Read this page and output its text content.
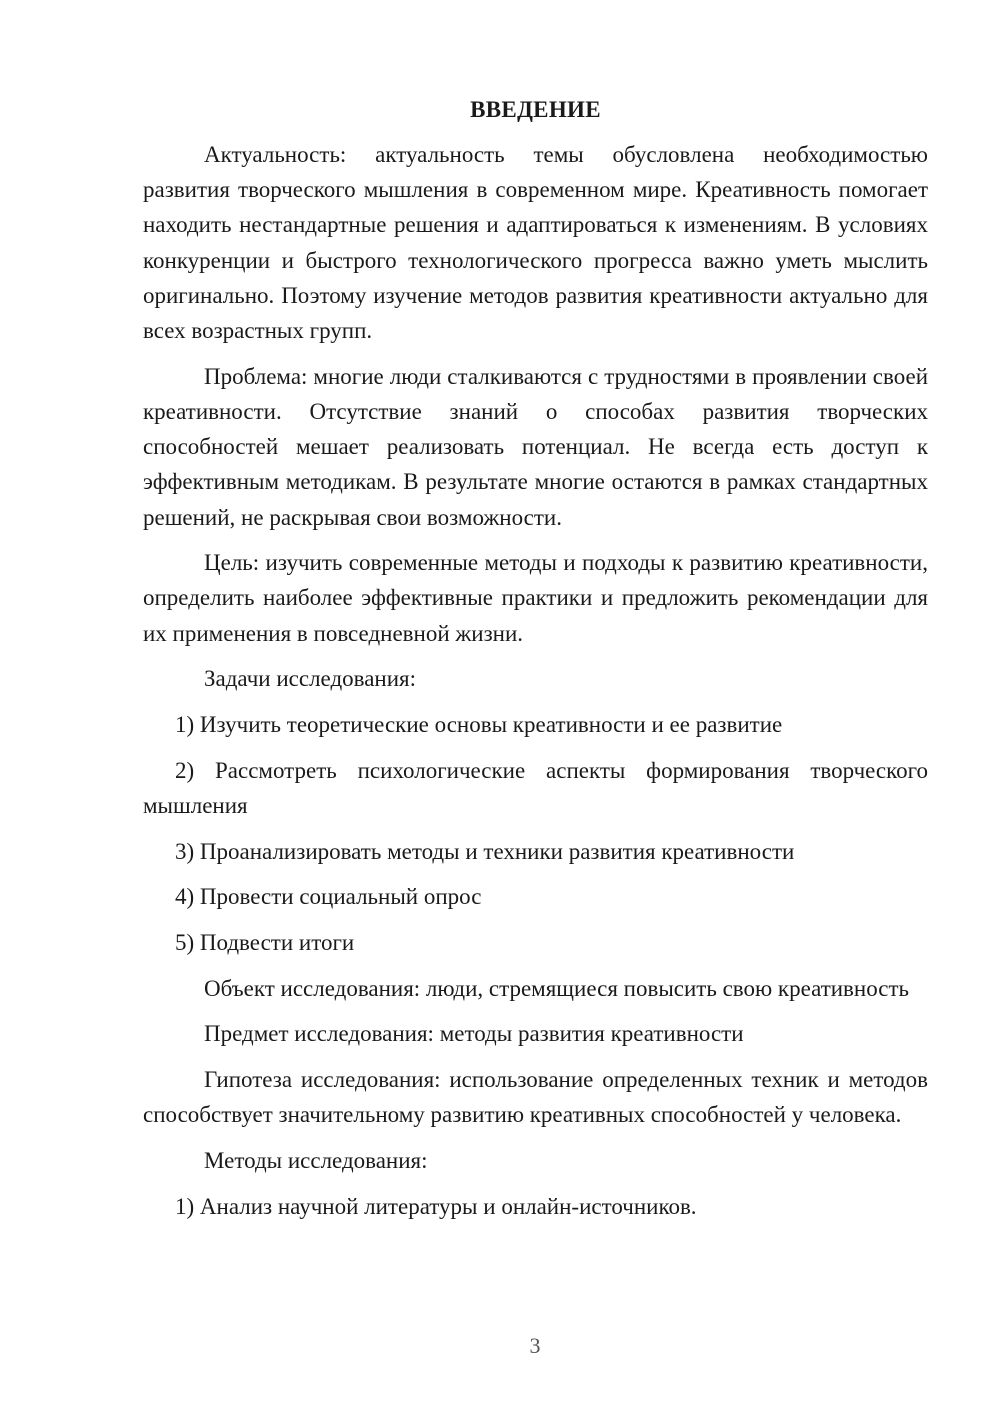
ВВЕДЕНИЕ

Актуальность: актуальность темы обусловлена необходимостью развития творческого мышления в современном мире. Креативность помогает находить нестандартные решения и адаптироваться к изменениям. В условиях конкуренции и быстрого технологического прогресса важно уметь мыслить оригинально. Поэтому изучение методов развития креативности актуально для всех возрастных групп.

Проблема: многие люди сталкиваются с трудностями в проявлении своей креативности. Отсутствие знаний о способах развития творческих способностей мешает реализовать потенциал. Не всегда есть доступ к эффективным методикам. В результате многие остаются в рамках стандартных решений, не раскрывая свои возможности.

Цель: изучить современные методы и подходы к развитию креативности, определить наиболее эффективные практики и предложить рекомендации для их применения в повседневной жизни.

Задачи исследования:

1) Изучить теоретические основы креативности и ее развитие

2) Рассмотреть психологические аспекты формирования творческого мышления

3) Проанализировать методы и техники развития креативности

4) Провести социальный опрос

5) Подвести итоги

Объект исследования: люди, стремящиеся повысить свою креативность

Предмет исследования: методы развития креативности

Гипотеза исследования: использование определенных техник и методов способствует значительному развитию креативных способностей у человека.

Методы исследования:

1) Анализ научной литературы и онлайн-источников.

3
